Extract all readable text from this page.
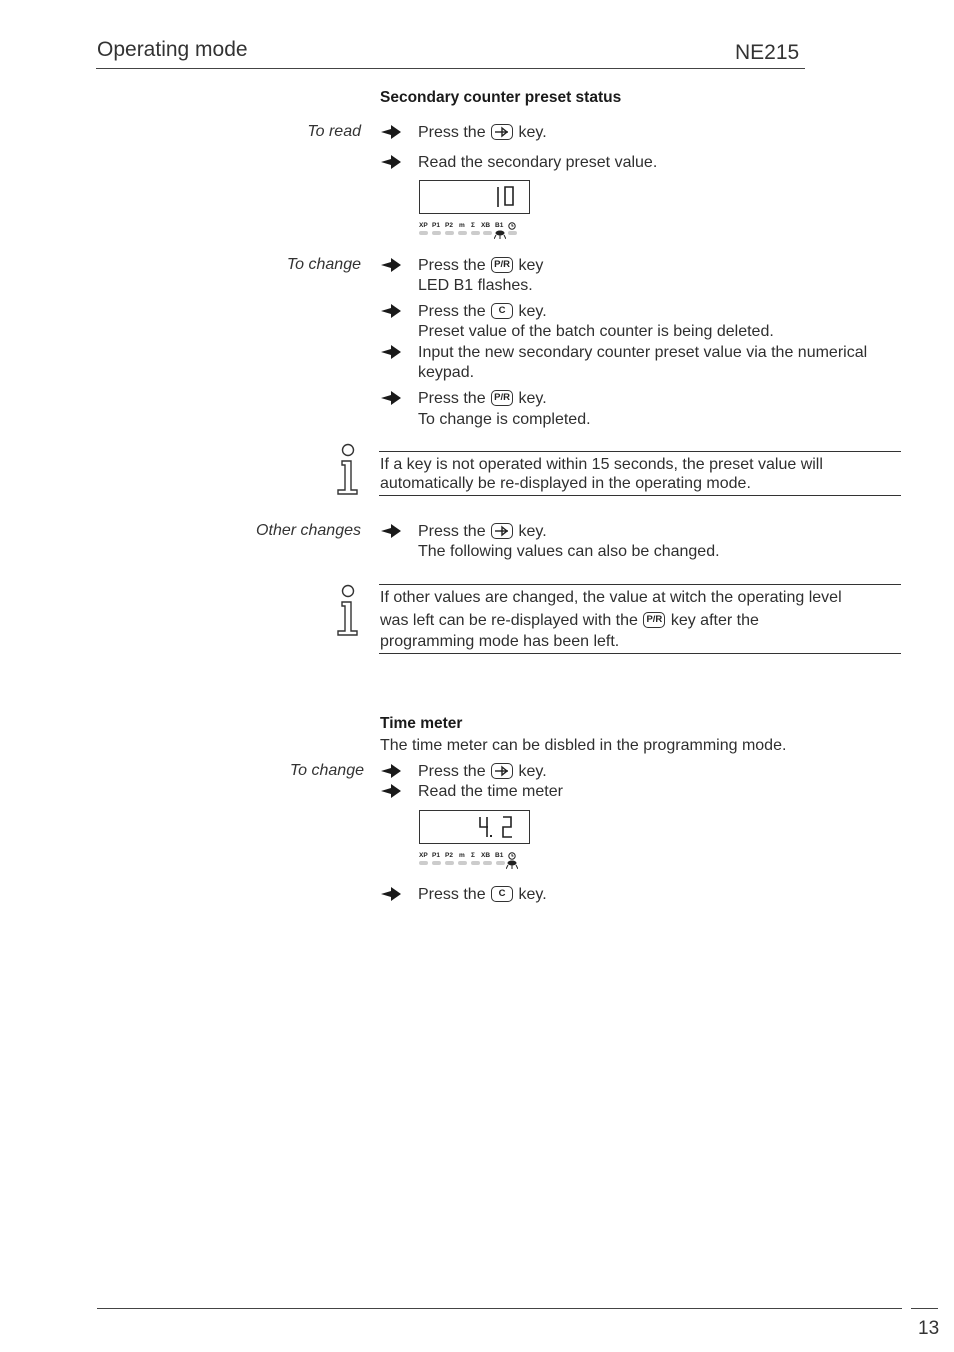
Operating mode	NE215
Secondary counter preset status
To read	Press the key.
Read the secondary preset value.
XP P1 P2 m Σ XB B1
To change	Press the P/R key
LED B1 flashes.
Press the	C key.
Preset value of the batch counter is being deleted.
Input the new secondary counter preset value via the numerical
keypad.
Press the P/R key.
To change is completed.
If a key is not operated within 15 seconds, the preset value will
automatically be re-displayed in the operating mode.
Other changes	Press the key.
The following values can also be changed.
If other values are changed, the value at witch the operating level
was left can be re-displayed with the P/R key after the
programming mode has been left.
Time meter
The time meter can be disbled in the programming mode.
To change	Press the key.
Read the time meter
XP P1 P2 m Σ XB B1
Press the	C key.
13
